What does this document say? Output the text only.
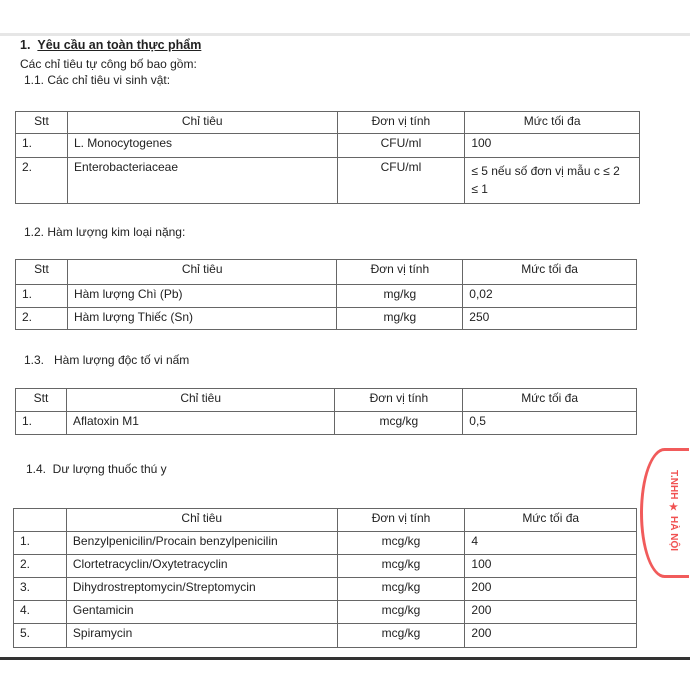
1. Yêu cầu an toàn thực phẩm
Các chỉ tiêu tự công bố bao gồm:
1.1. Các chỉ tiêu vi sinh vật:
Stt	Chỉ tiêu	Đơn vị tính	Mức tối đa
1.	L. Monocytogenes	CFU/ml	100
2.	Enterobacteriaceae	CFU/ml	≤ 5 nếu số đơn vị mẫu c ≤ 2
≤ 1
1.2. Hàm lượng kim loại nặng:
Stt	Chỉ tiêu	Đơn vị tính	Mức tối đa
1.	Hàm lượng Chì (Pb)	mg/kg	0,02
2.	Hàm lượng Thiếc (Sn)	mg/kg	250
1.3.   Hàm lượng độc tố vi nấm
Stt	Chỉ tiêu	Đơn vị tính	Mức tối đa
1.	Aflatoxin M1	mcg/kg	0,5
1.4.  Dư lượng thuốc thú y
	Chỉ tiêu	Đơn vị tính	Mức tối đa
1.	Benzylpenicilin/Procain benzylpenicilin	mcg/kg	4
2.	Clortetracyclin/Oxytetracyclin	mcg/kg	100
3.	Dihydrostreptomycin/Streptomycin	mcg/kg	200
4.	Gentamicin	mcg/kg	200
5.	Spiramycin	mcg/kg	200
T.NHH ★ HÀ NỘI
